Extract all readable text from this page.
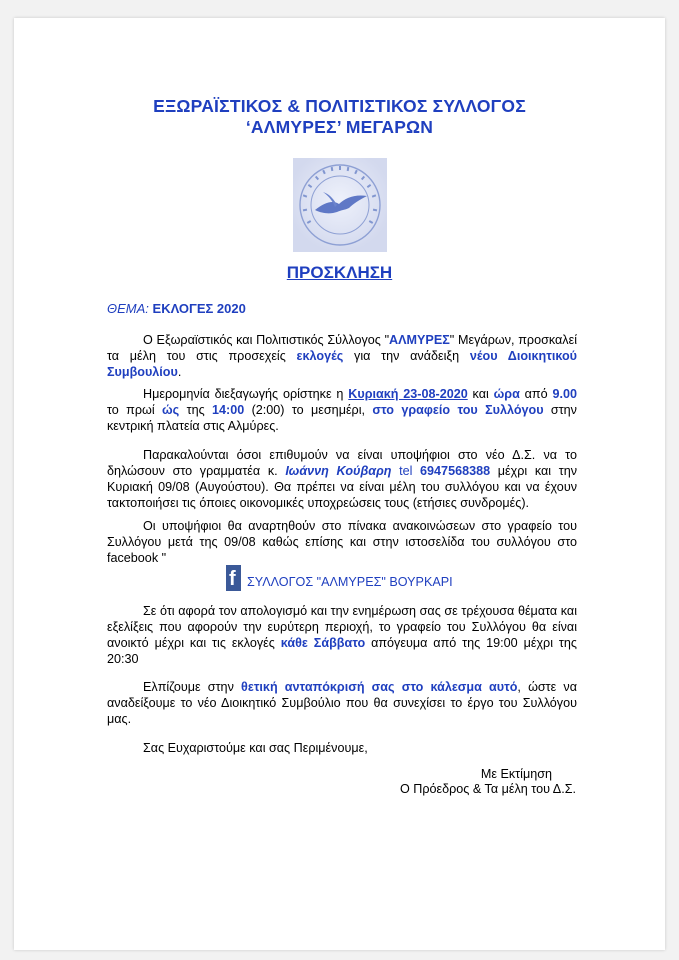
ΕΞΩΡΑΪΣΤΙΚΟΣ & ΠΟΛΙΤΙΣΤΙΚΟΣ ΣΥΛΛΟΓΟΣ
‘ΑΛΜΥΡΕΣ’ ΜΕΓΑΡΩΝ
ΠΡΟΣΚΛΗΣΗ
ΘΕΜΑ: ΕΚΛΟΓΕΣ 2020
Ο Εξωραϊστικός και Πολιτιστικός Σύλλογος "ΑΛΜΥΡΕΣ" Μεγάρων, προσκαλεί τα μέλη του στις προσεχείς εκλογές για την ανάδειξη νέου Διοικητικού Συμβουλίου.
Ημερομηνία διεξαγωγής ορίστηκε η Κυριακή 23-08-2020 και ώρα από 9.00 το πρωί ώς της 14:00 (2:00) το μεσημέρι, στο γραφείο του Συλλόγου στην κεντρική πλατεία στις Αλμύρες.
Παρακαλούνται όσοι επιθυμούν να είναι υποψήφιοι στο νέο Δ.Σ. να το δηλώσουν στο γραμματέα κ. Ιωάννη Κούβαρη tel 6947568388 μέχρι και την Κυριακή 09/08 (Αυγούστου). Θα πρέπει να είναι μέλη του συλλόγου και να έχουν τακτοποιήσει τις όποιες οικονομικές υποχρεώσεις τους (ετήσιες συνδρομές).
Οι υποψήφιοι θα αναρτηθούν στο πίνακα ανακοινώσεων στο γραφείο του Συλλόγου μετά της 09/08 καθώς επίσης και στην ιστοσελίδα του συλλόγου στο facebook "
f ΣΥΛΛΟΓΟΣ "ΑΛΜΥΡΕΣ" ΒΟΥΡΚΑΡΙ
Σε ότι αφορά τον απολογισμό και την ενημέρωση σας σε τρέχουσα θέματα και εξελίξεις που αφορούν την ευρύτερη περιοχή, το γραφείο του Συλλόγου θα είναι ανοικτό μέχρι και τις εκλογές κάθε Σάββατο απόγευμα από της 19:00 μέχρι της 20:30
Ελπίζουμε στην θετική ανταπόκρισή σας στο κάλεσμα αυτό, ώστε να αναδείξουμε το νέο Διοικητικό Συμβούλιο που θα συνεχίσει το έργο του Συλλόγου μας.
Σας Ευχαριστούμε και σας Περιμένουμε,
Με Εκτίμηση
Ο Πρόεδρος & Τα μέλη του Δ.Σ.
